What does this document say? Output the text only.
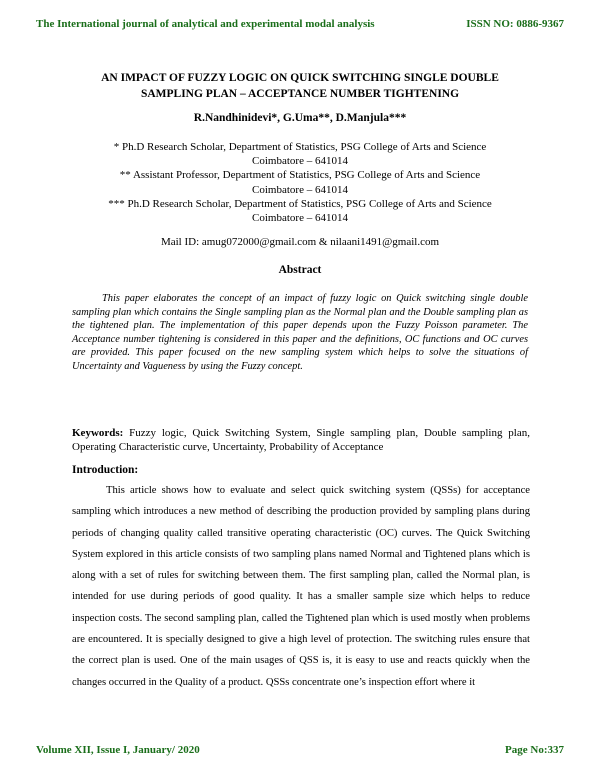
The International journal of analytical and experimental modal analysis	ISSN NO: 0886-9367
AN IMPACT OF FUZZY LOGIC ON QUICK SWITCHING SINGLE DOUBLE
SAMPLING PLAN – ACCEPTANCE NUMBER TIGHTENING
R.Nandhinidevi*, G.Uma**, D.Manjula***
* Ph.D Research Scholar, Department of Statistics, PSG College of Arts and Science
Coimbatore – 641014
** Assistant Professor, Department of Statistics, PSG College of Arts and Science
Coimbatore – 641014
*** Ph.D Research Scholar, Department of Statistics, PSG College of Arts and Science
Coimbatore – 641014
Mail ID: amug072000@gmail.com & nilaani1491@gmail.com
Abstract

This paper elaborates the concept of an impact of fuzzy logic on Quick switching single double sampling plan which contains the Single sampling plan as the Normal plan and the Double sampling plan as the tightened plan. The implementation of this paper depends upon the Fuzzy Poisson parameter. The Acceptance number tightening is considered in this paper and the definitions, OC functions and OC curves are provided. This paper focused on the new sampling system which helps to solve the situations of Uncertainty and Vagueness by using the Fuzzy concept.

Keywords: Fuzzy logic, Quick Switching System, Single sampling plan, Double sampling plan, Operating Characteristic curve, Uncertainty, Probability of Acceptance

Introduction:

This article shows how to evaluate and select quick switching system (QSSs) for acceptance sampling which introduces a new method of describing the production provided by sampling plans during periods of changing quality called transitive operating characteristic (OC) curves. The Quick Switching System explored in this article consists of two sampling plans named Normal and Tightened plans which is along with a set of rules for switching between them. The first sampling plan, called the Normal plan, is intended for use during periods of good quality. It has a smaller sample size which helps to reduce inspection costs. The second sampling plan, called the Tightened plan which is used mostly when problems are encountered. It is specially designed to give a high level of protection. The switching rules ensure that the correct plan is used. One of the main usages of QSS is, it is easy to use and reacts quickly when the changes occurred in the Quality of a product. QSSs concentrate one’s inspection effort where it

Volume XII, Issue I, January/ 2020	Page No:337
